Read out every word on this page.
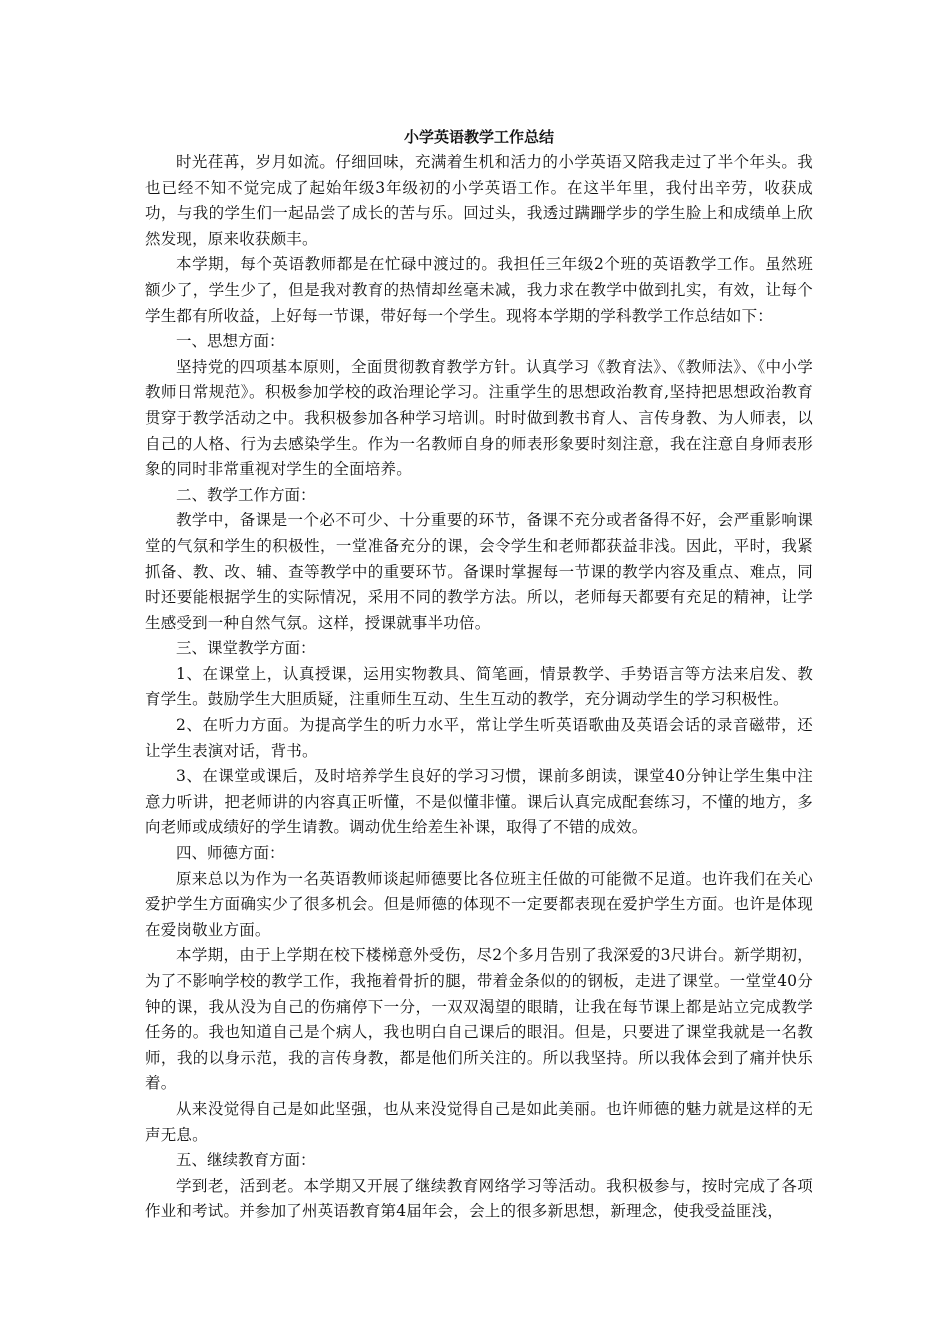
小学英语教学工作总结

时光荏苒，岁月如流。仔细回味，充满着生机和活力的小学英语又陪我走过了半个年头。我也已经不知不觉完成了起始年级3年级初的小学英语工作。在这半年里，我付出辛劳，收获成功，与我的学生们一起品尝了成长的苦与乐。回过头，我透过蹒跚学步的学生脸上和成绩单上欣然发现，原来收获颇丰。

本学期，每个英语教师都是在忙碌中渡过的。我担任三年级2个班的英语教学工作。虽然班额少了，学生少了，但是我对教育的热情却丝毫未减，我力求在教学中做到扎实，有效，让每个学生都有所收益，上好每一节课，带好每一个学生。现将本学期的学科教学工作总结如下：

一、思想方面：

坚持党的四项基本原则，全面贯彻教育教学方针。认真学习《教育法》、《教师法》、《中小学教师日常规范》。积极参加学校的政治理论学习。注重学生的思想政治教育,坚持把思想政治教育贯穿于教学活动之中。我积极参加各种学习培训。时时做到教书育人、言传身教、为人师表，以自己的人格、行为去感染学生。作为一名教师自身的师表形象要时刻注意，我在注意自身师表形象的同时非常重视对学生的全面培养。

二、教学工作方面：

教学中，备课是一个必不可少、十分重要的环节，备课不充分或者备得不好，会严重影响课堂的气氛和学生的积极性，一堂准备充分的课，会令学生和老师都获益非浅。因此，平时，我紧抓备、教、改、辅、查等教学中的重要环节。备课时掌握每一节课的教学内容及重点、难点，同时还要能根据学生的实际情况，采用不同的教学方法。所以，老师每天都要有充足的精神，让学生感受到一种自然气氛。这样，授课就事半功倍。

三、课堂教学方面：

1、在课堂上，认真授课，运用实物教具、简笔画，情景教学、手势语言等方法来启发、教育学生。鼓励学生大胆质疑，注重师生互动、生生互动的教学，充分调动学生的学习积极性。

2、在听力方面。为提高学生的听力水平，常让学生听英语歌曲及英语会话的录音磁带，还让学生表演对话，背书。

3、在课堂或课后，及时培养学生良好的学习习惯，课前多朗读，课堂40分钟让学生集中注意力听讲，把老师讲的内容真正听懂，不是似懂非懂。课后认真完成配套练习，不懂的地方，多向老师或成绩好的学生请教。调动优生给差生补课，取得了不错的成效。

四、师德方面：

原来总以为作为一名英语教师谈起师德要比各位班主任做的可能微不足道。也许我们在关心爱护学生方面确实少了很多机会。但是师德的体现不一定要都表现在爱护学生方面。也许是体现在爱岗敬业方面。

本学期，由于上学期在校下楼梯意外受伤，尽2个多月告别了我深爱的3尺讲台。新学期初，为了不影响学校的教学工作，我拖着骨折的腿，带着金条似的的钢板，走进了课堂。一堂堂40分钟的课，我从没为自己的伤痛停下一分，一双双渴望的眼睛，让我在每节课上都是站立完成教学任务的。我也知道自己是个病人，我也明白自己课后的眼泪。但是，只要进了课堂我就是一名教师，我的以身示范，我的言传身教，都是他们所关注的。所以我坚持。所以我体会到了痛并快乐着。

从来没觉得自己是如此坚强，也从来没觉得自己是如此美丽。也许师德的魅力就是这样的无声无息。

五、继续教育方面：

学到老，活到老。本学期又开展了继续教育网络学习等活动。我积极参与，按时完成了各项作业和考试。并参加了州英语教育第4届年会，会上的很多新思想，新理念，使我受益匪浅，
